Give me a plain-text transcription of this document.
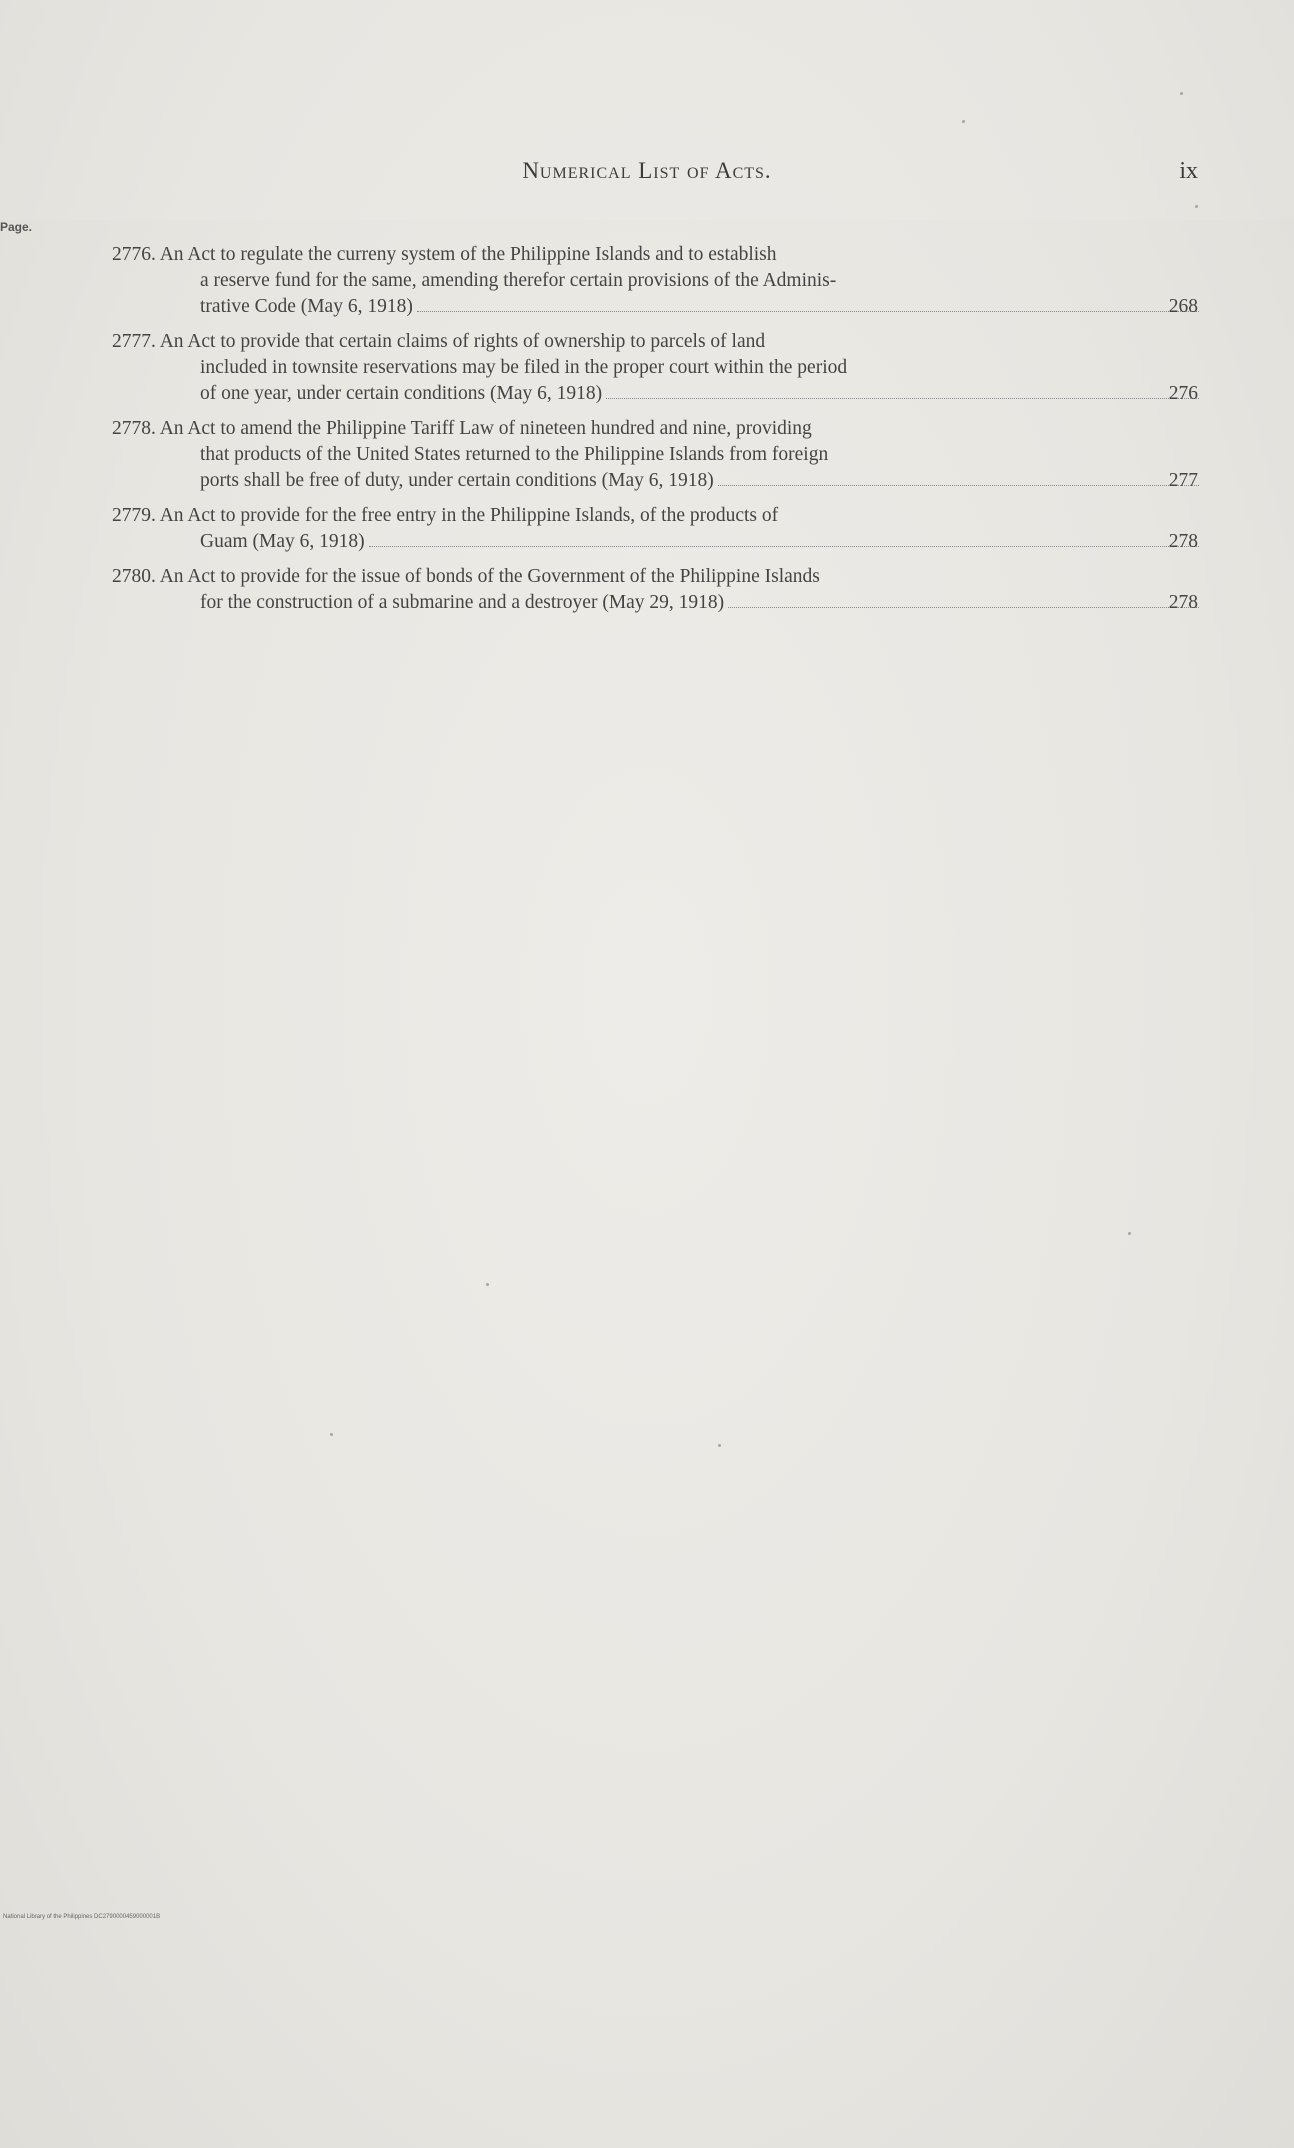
Numerical List of Acts.	ix
Page.
2776. An Act to regulate the curreny system of the Philippine Islands and to establish
a reserve fund for the same, amending therefor certain provisions of the Adminis-
trative Code (May 6, 1918)	268
2777. An Act to provide that certain claims of rights of ownership to parcels of land
included in townsite reservations may be filed in the proper court within the period
of one year, under certain conditions (May 6, 1918)	276
2778. An Act to amend the Philippine Tariff Law of nineteen hundred and nine, providing
that products of the United States returned to the Philippine Islands from foreign
ports shall be free of duty, under certain conditions (May 6, 1918)	277
2779. An Act to provide for the free entry in the Philippine Islands, of the products of
Guam (May 6, 1918)	278
2780. An Act to provide for the issue of bonds of the Government of the Philippine Islands
for the construction of a submarine and a destroyer (May 29, 1918)	278
National Library of the Philippines DC2790000459000001B
